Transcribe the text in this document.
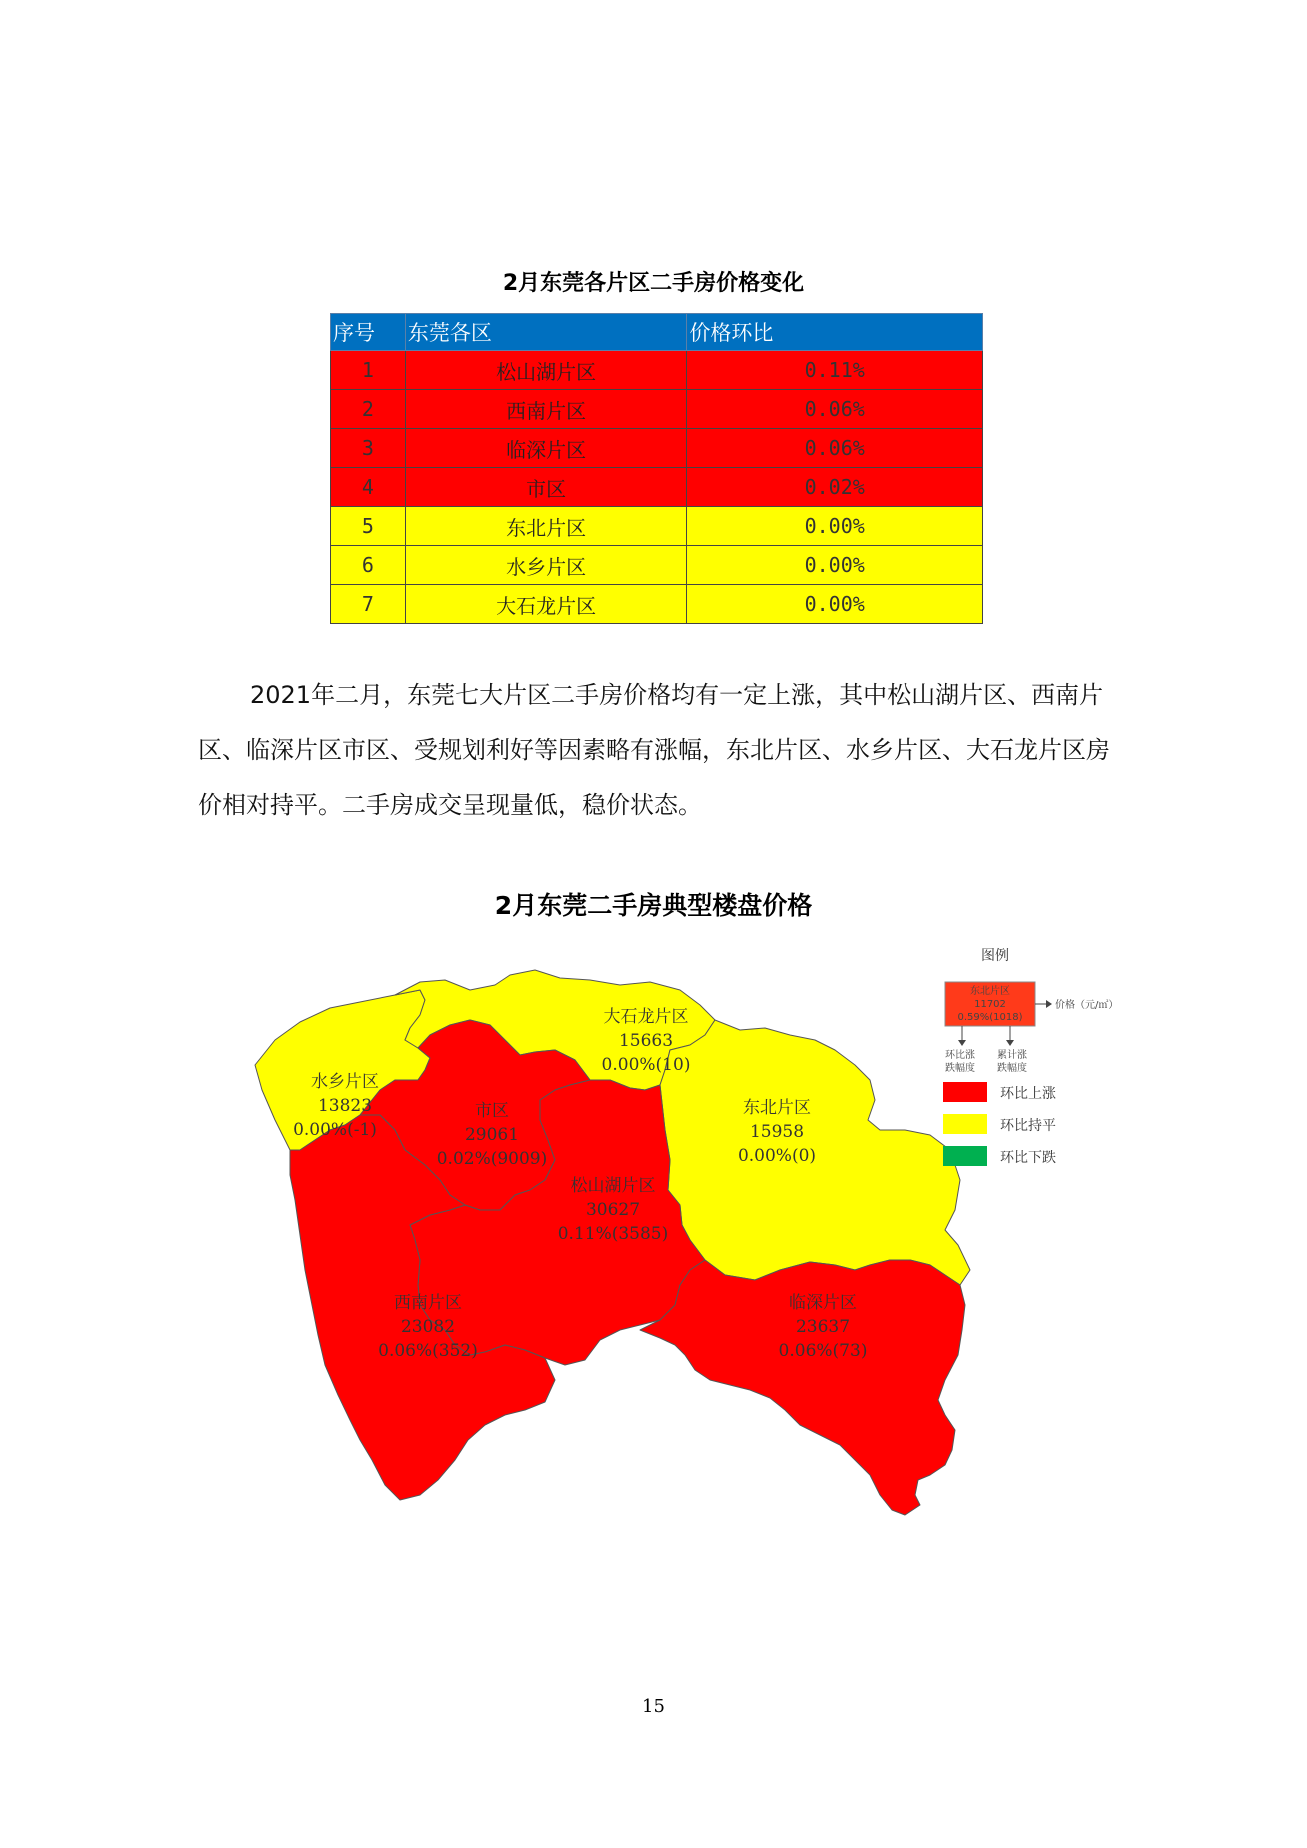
2月东莞各片区二手房价格变化
序号	东莞各区	价格环比
1	松山湖片区	0.11%
2	西南片区	0.06%
3	临深片区	0.06%
4	市区	0.02%
5	东北片区	0.00%
6	水乡片区	0.00%
7	大石龙片区	0.00%
2021年二月，东莞七大片区二手房价格均有一定上涨，其中松山湖片区、西南片区、临深片区市区、受规划利好等因素略有涨幅，东北片区、水乡片区、大石龙片区房价相对持平。二手房成交呈现量低，稳价状态。
2月东莞二手房典型楼盘价格
大石龙片区
15663
0.00%(10)
水乡片区
13823
0.00%(-1)
市区
29061
0.02%(9009)
东北片区
15958
0.00%(0)
松山湖片区
30627
0.11%(3585)
西南片区
23082
0.06%(352)
临深片区
23637
0.06%(73)
图例
东北片区
11702
0.59%(1018)
价格（元/㎡）
环比涨
跌幅度
累计涨
跌幅度
环比上涨
环比持平
环比下跌
15
